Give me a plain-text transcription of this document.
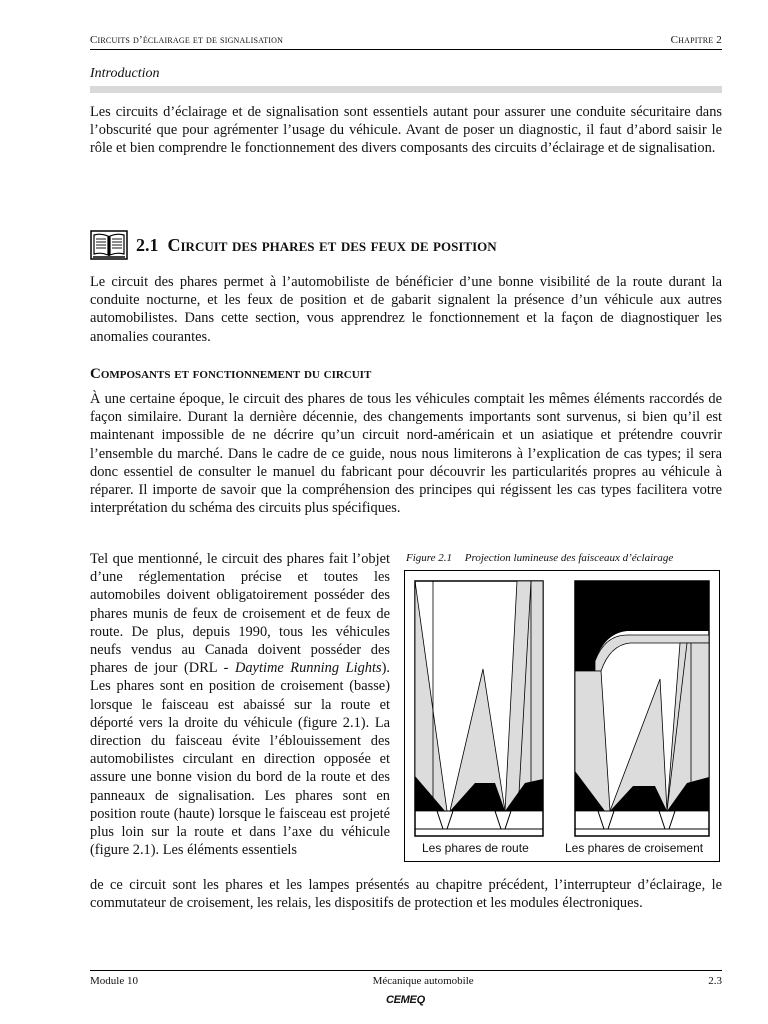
Circuits d’éclairage et de signalisation	Chapitre 2
Introduction

Les circuits d’éclairage et de signalisation sont essentiels autant pour assurer une conduite sécuritaire dans l’obscurité que pour agrémenter l’usage du véhicule. Avant de poser un diagnostic, il faut d’abord saisir le rôle et bien comprendre le fonctionnement des divers composants des circuits d’éclairage et de signalisation.

2.1 Circuit des phares et des feux de position

Le circuit des phares permet à l’automobiliste de bénéficier d’une bonne visibilité de la route durant la conduite nocturne, et les feux de position et de gabarit signalent la présence d’un véhicule aux autres automobilistes. Dans cette section, vous apprendrez le fonctionnement et la façon de diagnostiquer les anomalies courantes.

Composants et fonctionnement du circuit

À une certaine époque, le circuit des phares de tous les véhicules comptait les mêmes éléments raccordés de façon similaire. Durant la dernière décennie, des changements importants sont survenus, si bien qu’il est maintenant impossible de ne décrire qu’un circuit nord-américain et un asiatique et prétendre couvrir l’ensemble du marché. Dans le cadre de ce guide, nous nous limiterons à l’explication de cas types; il sera donc essentiel de consulter le manuel du fabricant pour découvrir les particularités propres au véhicule à réparer. Il importe de savoir que la compréhension des principes qui régissent les cas types facilitera votre interprétation du schéma des circuits plus spécifiques.

Tel que mentionné, le circuit des phares fait l’objet d’une réglementation précise et toutes les automobiles doivent obligatoirement posséder des phares munis de feux de croisement et de feux de route. De plus, depuis 1990, tous les véhicules neufs vendus au Canada doivent posséder des phares de jour (DRL - Daytime Running Lights). Les phares sont en position de croisement (basse) lorsque le faisceau est abaissé sur la route et déporté vers la droite du véhicule (figure 2.1). La direction du faisceau évite l’éblouissement des automobilistes circulant en direction opposée et assure une bonne vision du bord de la route et des panneaux de signalisation. Les phares sont en position route (haute) lorsque le faisceau est projeté plus loin sur la route et dans l’axe du véhicule (figure 2.1). Les éléments essentiels

Figure 2.1 Projection lumineuse des faisceaux d’éclairage
Les phares de route	Les phares de croisement

de ce circuit sont les phares et les lampes présentés au chapitre précédent, l’interrupteur d’éclairage, le commutateur de croisement, les relais, les dispositifs de protection et les modules électroniques.

Module 10	Mécanique automobile	2.3
CEMEQ
